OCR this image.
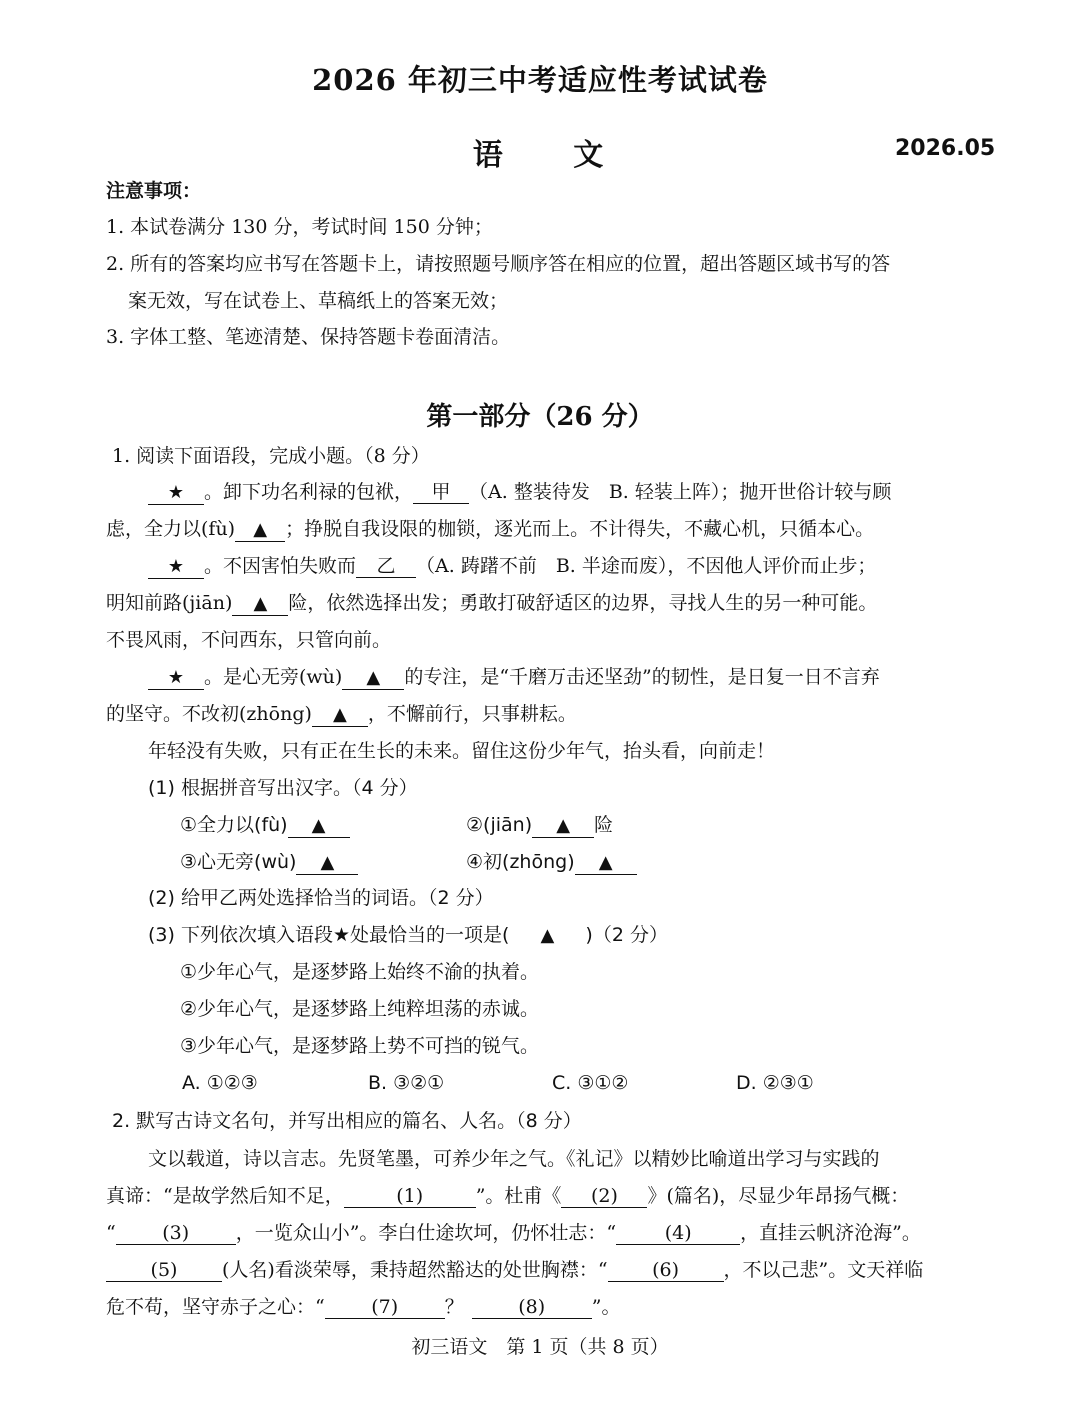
2026 年初三中考适应性考试试卷
语 文	2026.05
注意事项：
1. 本试卷满分 130 分，考试时间 150 分钟；
2. 所有的答案均应书写在答题卡上，请按照题号顺序答在相应的位置，超出答题区域书写的答
案无效，写在试卷上、草稿纸上的答案无效；
3. 字体工整、笔迹清楚、保持答题卡卷面清洁。
第一部分（26 分）
1. 阅读下面语段，完成小题。（8 分）
★ 。卸下功名利禄的包袱， 甲 （A. 整装待发　B. 轻装上阵）；抛开世俗计较与顾
虑，全力以(fù) ▲ ；挣脱自我设限的枷锁，逐光而上。不计得失，不藏心机，只循本心。
★ 。不因害怕失败而 乙 （A. 踌躇不前　B. 半途而废），不因他人评价而止步；
明知前路(jiān) ▲ 险，依然选择出发；勇敢打破舒适区的边界，寻找人生的另一种可能。
不畏风雨，不问西东，只管向前。
★ 。是心无旁(wù) ▲ 的专注，是“千磨万击还坚劲”的韧性，是日复一日不言弃
的坚守。不改初(zhōng) ▲ ，不懈前行，只事耕耘。
年轻没有失败，只有正在生长的未来。留住这份少年气，抬头看，向前走！
(1) 根据拼音写出汉字。（4 分）
①全力以(fù) ▲	②(jiān) ▲ 险
③心无旁(wù) ▲	④初(zhōng) ▲
(2) 给甲乙两处选择恰当的词语。（2 分）
(3) 下列依次填入语段★处最恰当的一项是( ▲ )（2 分）
①少年心气，是逐梦路上始终不渝的执着。
②少年心气，是逐梦路上纯粹坦荡的赤诚。
③少年心气，是逐梦路上势不可挡的锐气。
A. ①②③	B. ③②①	C. ③①②	D. ②③①
2. 默写古诗文名句，并写出相应的篇名、人名。（8 分）
文以载道，诗以言志。先贤笔墨，可养少年之气。《礼记》以精妙比喻道出学习与实践的
真谛：“是故学然后知不足，	(1)	”。杜甫《 (2) 》(篇名)，尽显少年昂扬气概：
“ (3) ，一览众山小”。李白仕途坎坷，仍怀壮志：“	(4)	，直挂云帆济沧海”。
(5) (人名)看淡荣辱，秉持超然豁达的处世胸襟：“ (6) ，不以己悲”。文天祥临
危不苟，坚守赤子之心：“ (7) ？	(8) ”。
初三语文　第 1 页（共 8 页）
